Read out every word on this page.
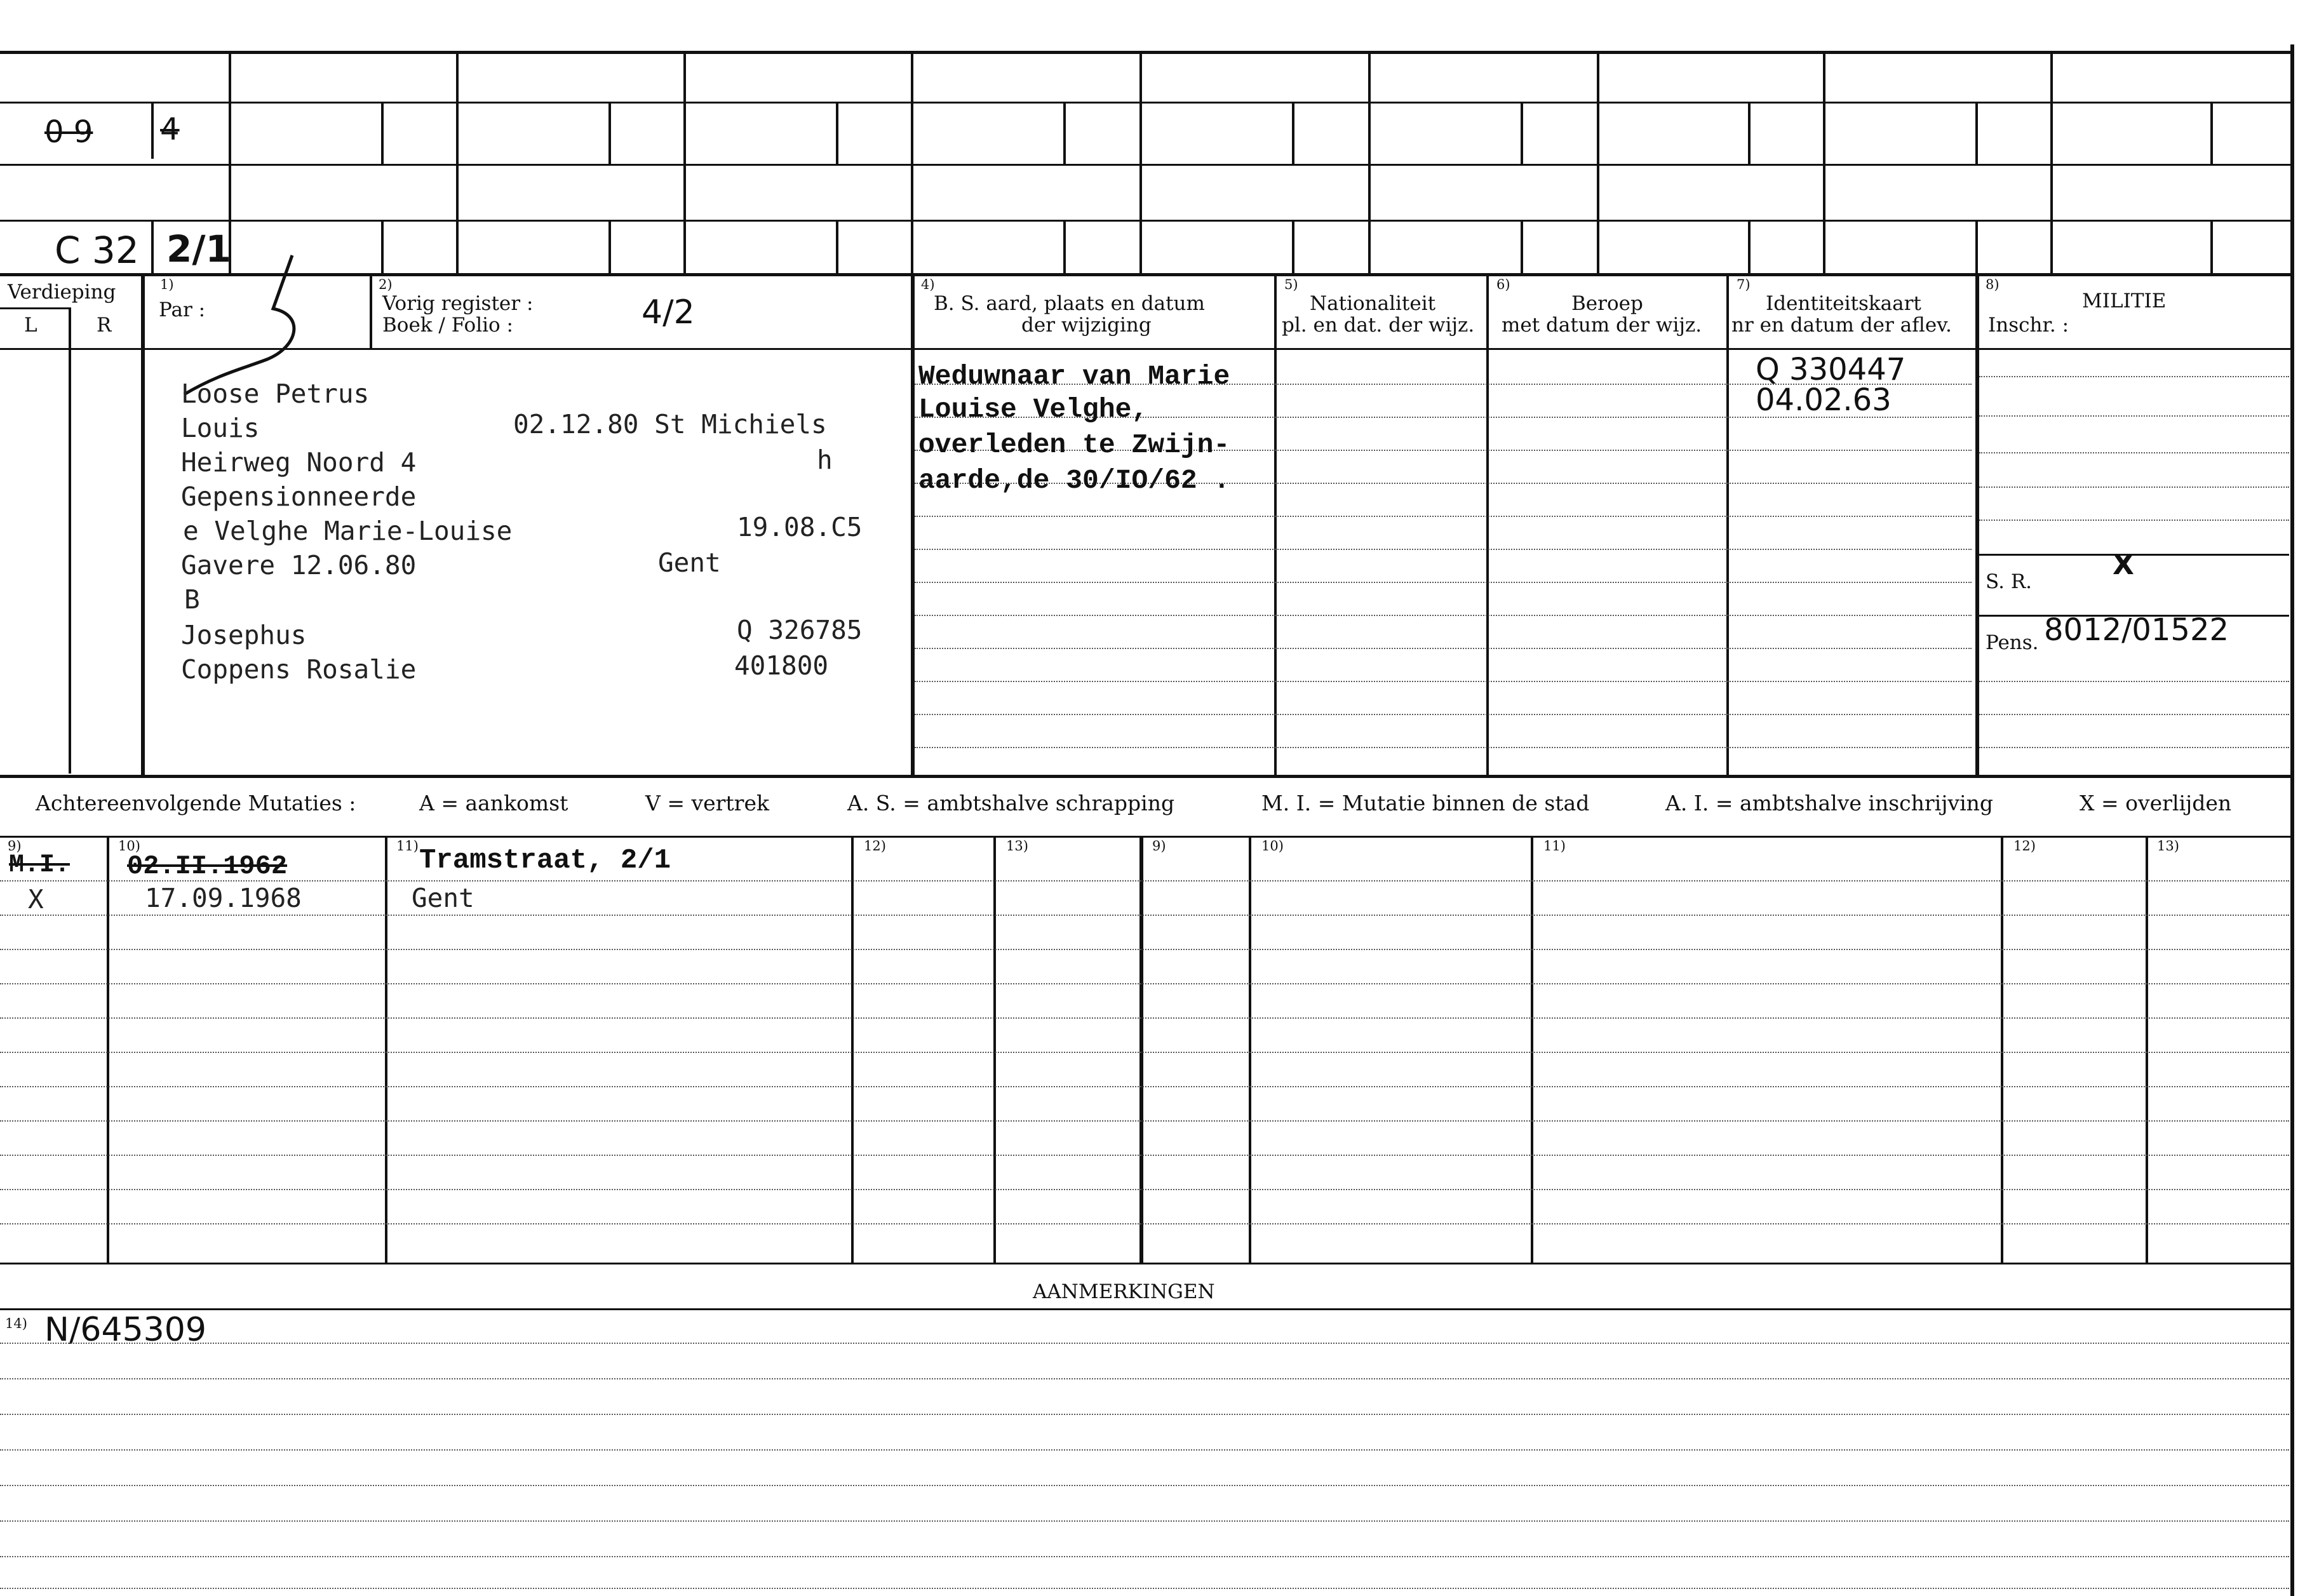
0 9 4
C 32 2/1
Verdieping
L	R
1)
Par :
2)
Vorig register :
Boek / Folio :	4/2
4)
B. S. aard, plaats en datum
der wijziging
5)
Nationaliteit
pl. en dat. der wijz.
6)
Beroep
met datum der wijz.
7)
Identiteitskaart
nr en datum der aflev.
8)
MILITIE
Inschr. :
Loose Petrus
Louis	02.12.80 St Michiels
Heirweg Noord 4	h
Gepensionneerde
e Velghe Marie-Louise	19.08.C5
Gavere 12.06.80	Gent
B
Josephus	Q 326785
Coppens Rosalie	401800
Weduwnaar van Marie
Louise Velghe,
overleden te Zwijn-
aarde,de 30/IO/62 .
Q 330447
04.02.63
S. R.
X
Pens. 8012/01522
Achtereenvolgende Mutaties :	A = aankomst	V = vertrek	A. S. = ambtshalve schrapping	M. I. = Mutatie binnen de stad	A. I. = ambtshalve inschrijving	X = overlijden
9)	10)	11)	12)	13)	9)	10)	11)	12)	13)
M.I. 02.II.1962	Tramstraat, 2/1
X	17.09.1968	Gent
AANMERKINGEN
14) N/645309
